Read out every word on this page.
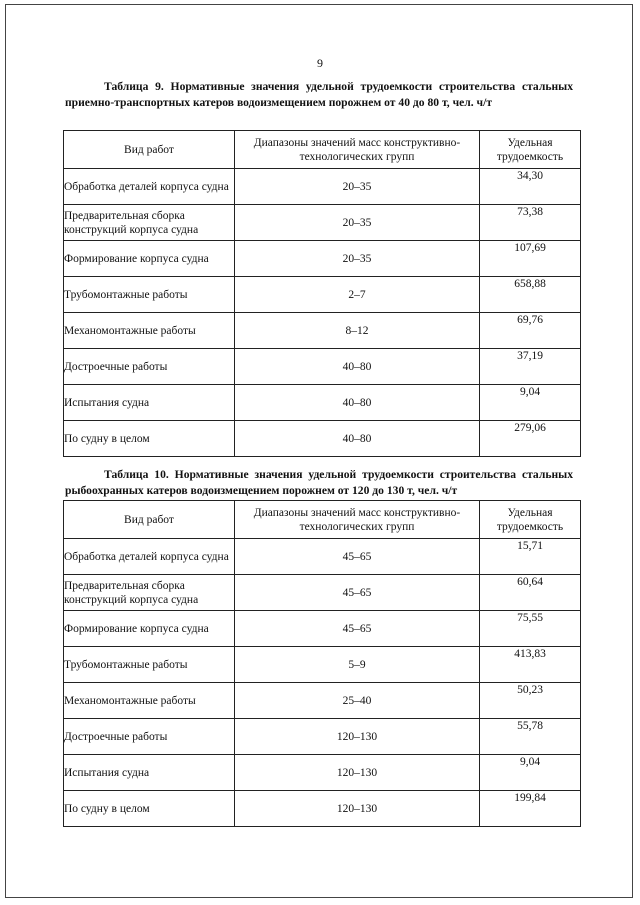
9
Таблица 9. Нормативные значения удельной трудоемкости строительства стальных приемно-транспортных катеров водоизмещением порожнем от 40 до 80 т, чел. ч/т
Вид работ	Диапазоны значений масс конструктивно-технологических групп	Удельная трудоемкость
Обработка деталей корпуса судна	20–35	34,30
Предварительная сборка конструкций корпуса судна	20–35	73,38
Формирование корпуса судна	20–35	107,69
Трубомонтажные работы	2–7	658,88
Механомонтажные работы	8–12	69,76
Достроечные работы	40–80	37,19
Испытания судна	40–80	9,04
По судну в целом	40–80	279,06
Таблица 10. Нормативные значения удельной трудоемкости строительства стальных рыбоохранных катеров водоизмещением порожнем от 120 до 130 т, чел. ч/т
Вид работ	Диапазоны значений масс конструктивно-технологических групп	Удельная трудоемкость
Обработка деталей корпуса судна	45–65	15,71
Предварительная сборка конструкций корпуса судна	45–65	60,64
Формирование корпуса судна	45–65	75,55
Трубомонтажные работы	5–9	413,83
Механомонтажные работы	25–40	50,23
Достроечные работы	120–130	55,78
Испытания судна	120–130	9,04
По судну в целом	120–130	199,84
